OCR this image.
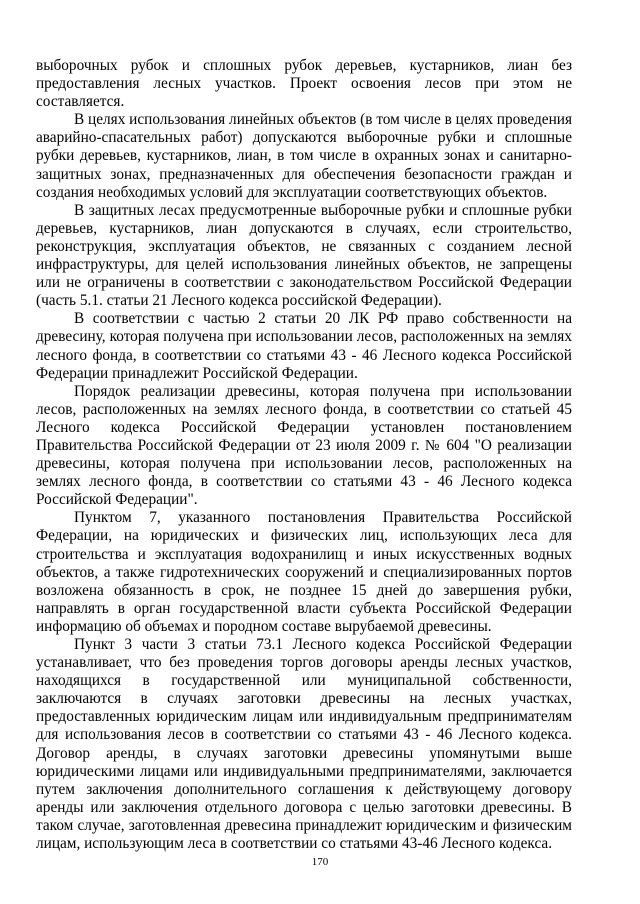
выборочных рубок и сплошных рубок деревьев, кустарников, лиан без предоставления лесных участков. Проект освоения лесов при этом не составляется.

В целях использования линейных объектов (в том числе в целях проведения аварийно-спасательных работ) допускаются выборочные рубки и сплошные рубки деревьев, кустарников, лиан, в том числе в охранных зонах и санитарно-защитных зонах, предназначенных для обеспечения безопасности граждан и создания необходимых условий для эксплуатации соответствующих объектов.

В защитных лесах предусмотренные выборочные рубки и сплошные рубки деревьев, кустарников, лиан допускаются в случаях, если строительство, реконструкция, эксплуатация объектов, не связанных с созданием лесной инфраструктуры, для целей использования линейных объектов, не запрещены или не ограничены в соответствии с законодательством Российской Федерации (часть 5.1. статьи 21 Лесного кодекса российской Федерации).

В соответствии с частью 2 статьи 20 ЛК РФ право собственности на древесину, которая получена при использовании лесов, расположенных на землях лесного фонда, в соответствии со статьями 43 - 46 Лесного кодекса Российской Федерации принадлежит Российской Федерации.

Порядок реализации древесины, которая получена при использовании лесов, расположенных на землях лесного фонда, в соответствии со статьей 45 Лесного кодекса Российской Федерации установлен постановлением Правительства Российской Федерации от 23 июля 2009 г. № 604 "О реализации древесины, которая получена при использовании лесов, расположенных на землях лесного фонда, в соответствии со статьями 43 - 46 Лесного кодекса Российской Федерации".

Пунктом 7, указанного постановления Правительства Российской Федерации, на юридических и физических лиц, использующих леса для строительства и эксплуатация водохранилищ и иных искусственных водных объектов, а также гидротехнических сооружений и специализированных портов возложена обязанность в срок, не позднее 15 дней до завершения рубки, направлять в орган государственной власти субъекта Российской Федерации информацию об объемах и породном составе вырубаемой древесины.

Пункт 3 части 3 статьи 73.1 Лесного кодекса Российской Федерации устанавливает, что без проведения торгов договоры аренды лесных участков, находящихся в государственной или муниципальной собственности, заключаются в случаях заготовки древесины на лесных участках, предоставленных юридическим лицам или индивидуальным предпринимателям для использования лесов в соответствии со статьями 43 - 46 Лесного кодекса. Договор аренды, в случаях заготовки древесины упомянутыми выше юридическими лицами или индивидуальными предпринимателями, заключается путем заключения дополнительного соглашения к действующему договору аренды или заключения отдельного договора с целью заготовки древесины. В таком случае, заготовленная древесина принадлежит юридическим и физическим лицам, использующим леса в соответствии со статьями 43-46 Лесного кодекса.

170
